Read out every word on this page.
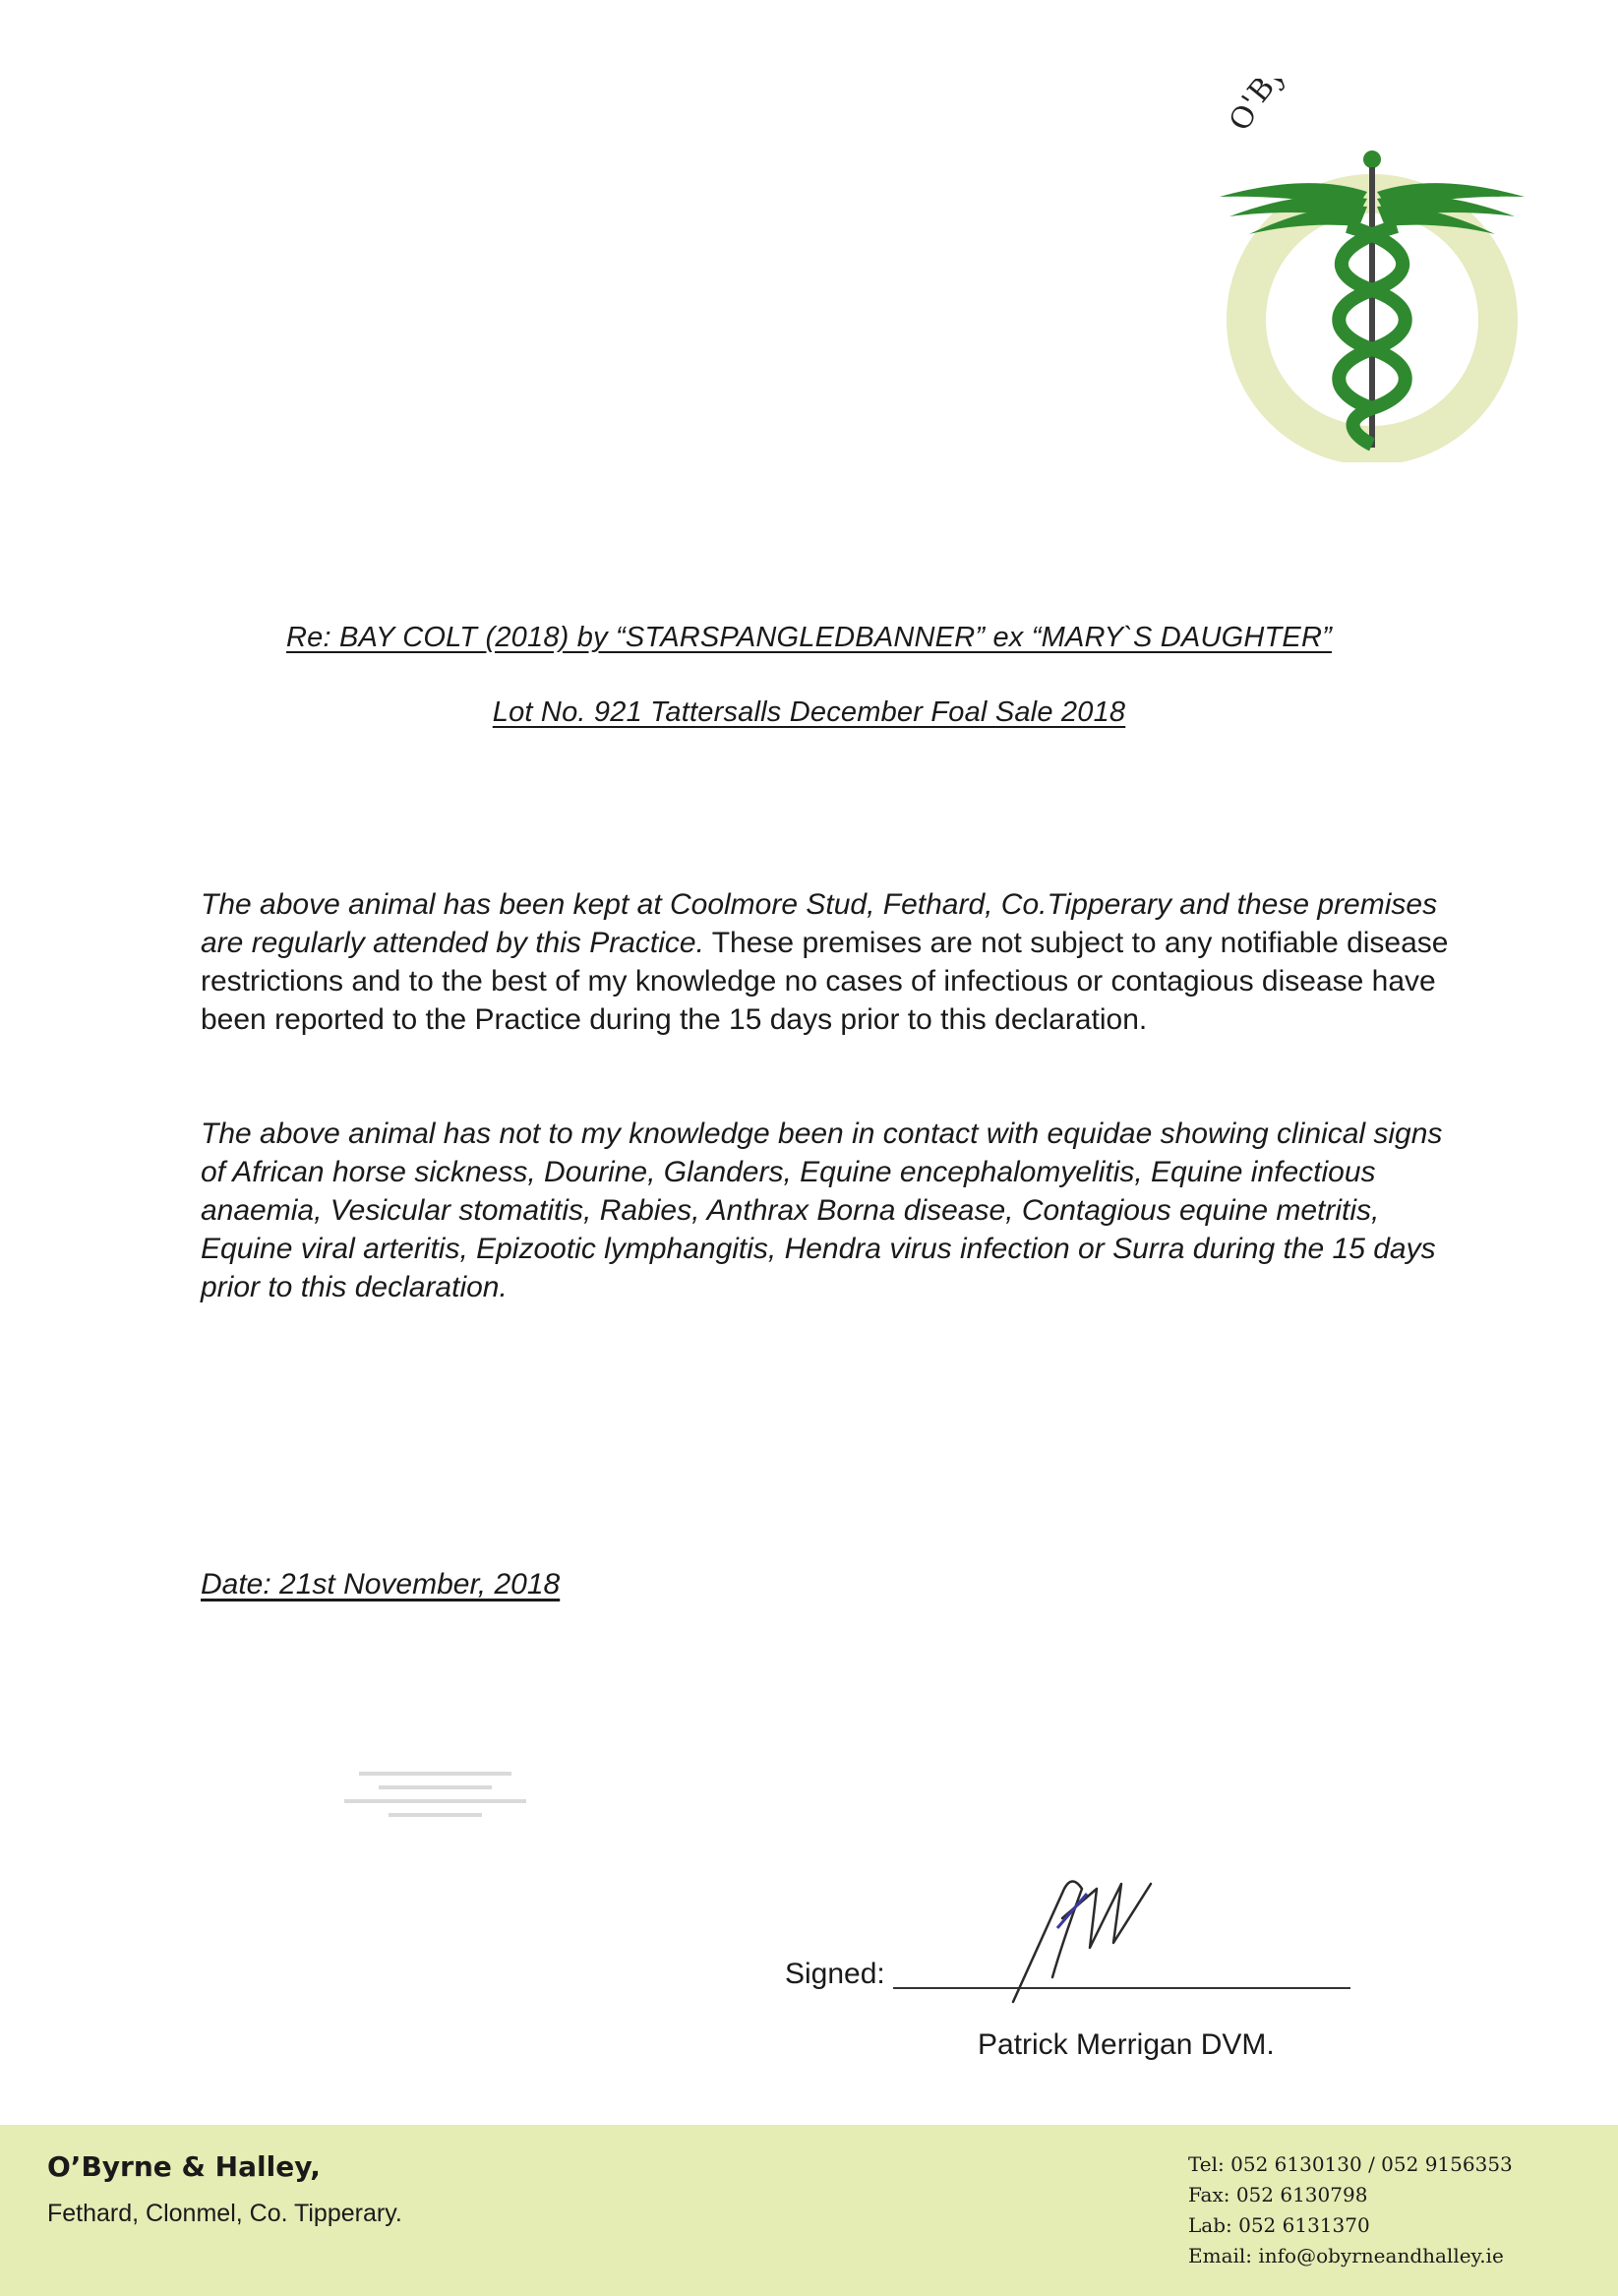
O'B
Re: BAY COLT (2018) by “STARSPANGLEDBANNER” ex “MARY`S DAUGHTER”
Lot No. 921 Tattersalls December Foal Sale 2018

The above animal has been kept at Coolmore Stud, Fethard, Co.Tipperary and these premises are regularly attended by this Practice. These premises are not subject to any notifiable disease restrictions and to the best of my knowledge no cases of infectious or contagious disease have been reported to the Practice during the 15 days prior to this declaration.

The above animal has not to my knowledge been in contact with equidae showing clinical signs of African horse sickness, Dourine, Glanders, Equine encephalomyelitis, Equine infectious anaemia, Vesicular stomatitis, Rabies, Anthrax Borna disease, Contagious equine metritis, Equine viral arteritis, Epizootic lymphangitis, Hendra virus infection or Surra during the 15 days prior to this declaration.

Date: 21st November, 2018
Signed:
Patrick Merrigan DVM.
O’Byrne & Halley,
Fethard, Clonmel, Co. Tipperary.
Tel: 052 6130130 / 052 9156353
Fax: 052 6130798
Lab: 052 6131370
Email: info@obyrneandhalley.ie
